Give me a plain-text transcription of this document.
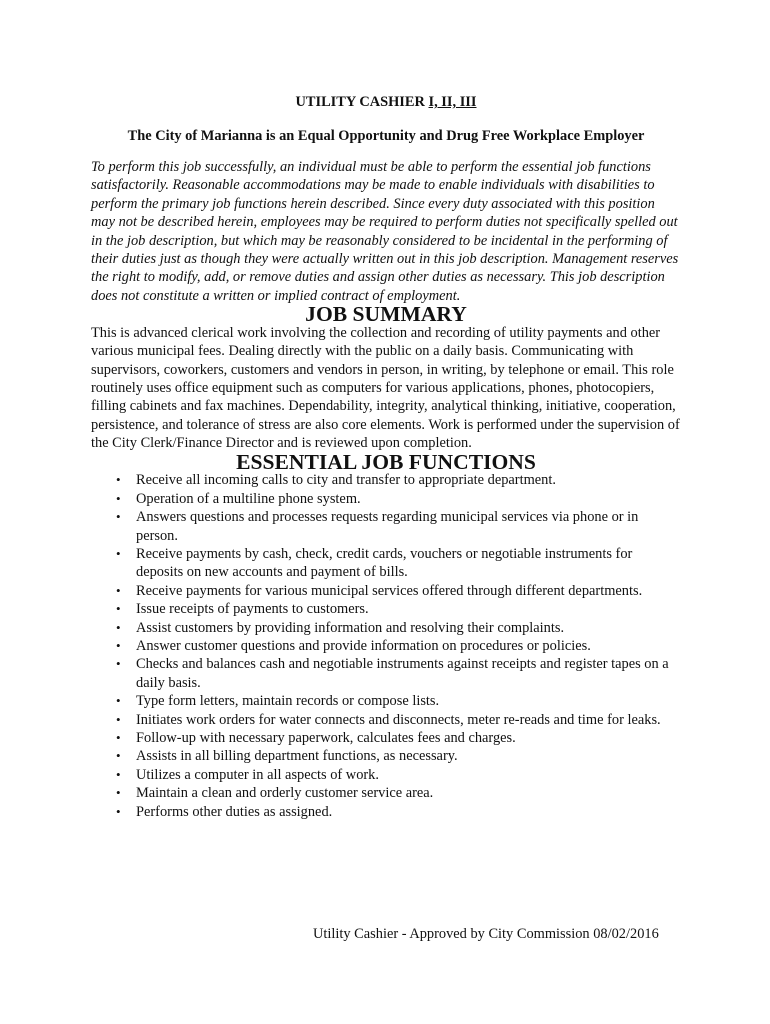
UTILITY CASHIER I, II, III

The City of Marianna is an Equal Opportunity and Drug Free Workplace Employer

To perform this job successfully, an individual must be able to perform the essential job functions satisfactorily. Reasonable accommodations may be made to enable individuals with disabilities to perform the primary job functions herein described. Since every duty associated with this position may not be described herein, employees may be required to perform duties not specifically spelled out in the job description, but which may be reasonably considered to be incidental in the performing of their duties just as though they were actually written out in this job description. Management reserves the right to modify, add, or remove duties and assign other duties as necessary. This job description does not constitute a written or implied contract of employment.

JOB SUMMARY

This is advanced clerical work involving the collection and recording of utility payments and other various municipal fees. Dealing directly with the public on a daily basis. Communicating with supervisors, coworkers, customers and vendors in person, in writing, by telephone or email. This role routinely uses office equipment such as computers for various applications, phones, photocopiers, filling cabinets and fax machines. Dependability, integrity, analytical thinking, initiative, cooperation, persistence, and tolerance of stress are also core elements. Work is performed under the supervision of the City Clerk/Finance Director and is reviewed upon completion.

ESSENTIAL JOB FUNCTIONS
• Receive all incoming calls to city and transfer to appropriate department.
• Operation of a multiline phone system.
• Answers questions and processes requests regarding municipal services via phone or in person.
• Receive payments by cash, check, credit cards, vouchers or negotiable instruments for deposits on new accounts and payment of bills.
• Receive payments for various municipal services offered through different departments.
• Issue receipts of payments to customers.
• Assist customers by providing information and resolving their complaints.
• Answer customer questions and provide information on procedures or policies.
• Checks and balances cash and negotiable instruments against receipts and register tapes on a daily basis.
• Type form letters, maintain records or compose lists.
• Initiates work orders for water connects and disconnects, meter re-reads and time for leaks.
• Follow-up with necessary paperwork, calculates fees and charges.
• Assists in all billing department functions, as necessary.
• Utilizes a computer in all aspects of work.
• Maintain a clean and orderly customer service area.
• Performs other duties as assigned.
Utility Cashier - Approved by City Commission 08/02/2016
